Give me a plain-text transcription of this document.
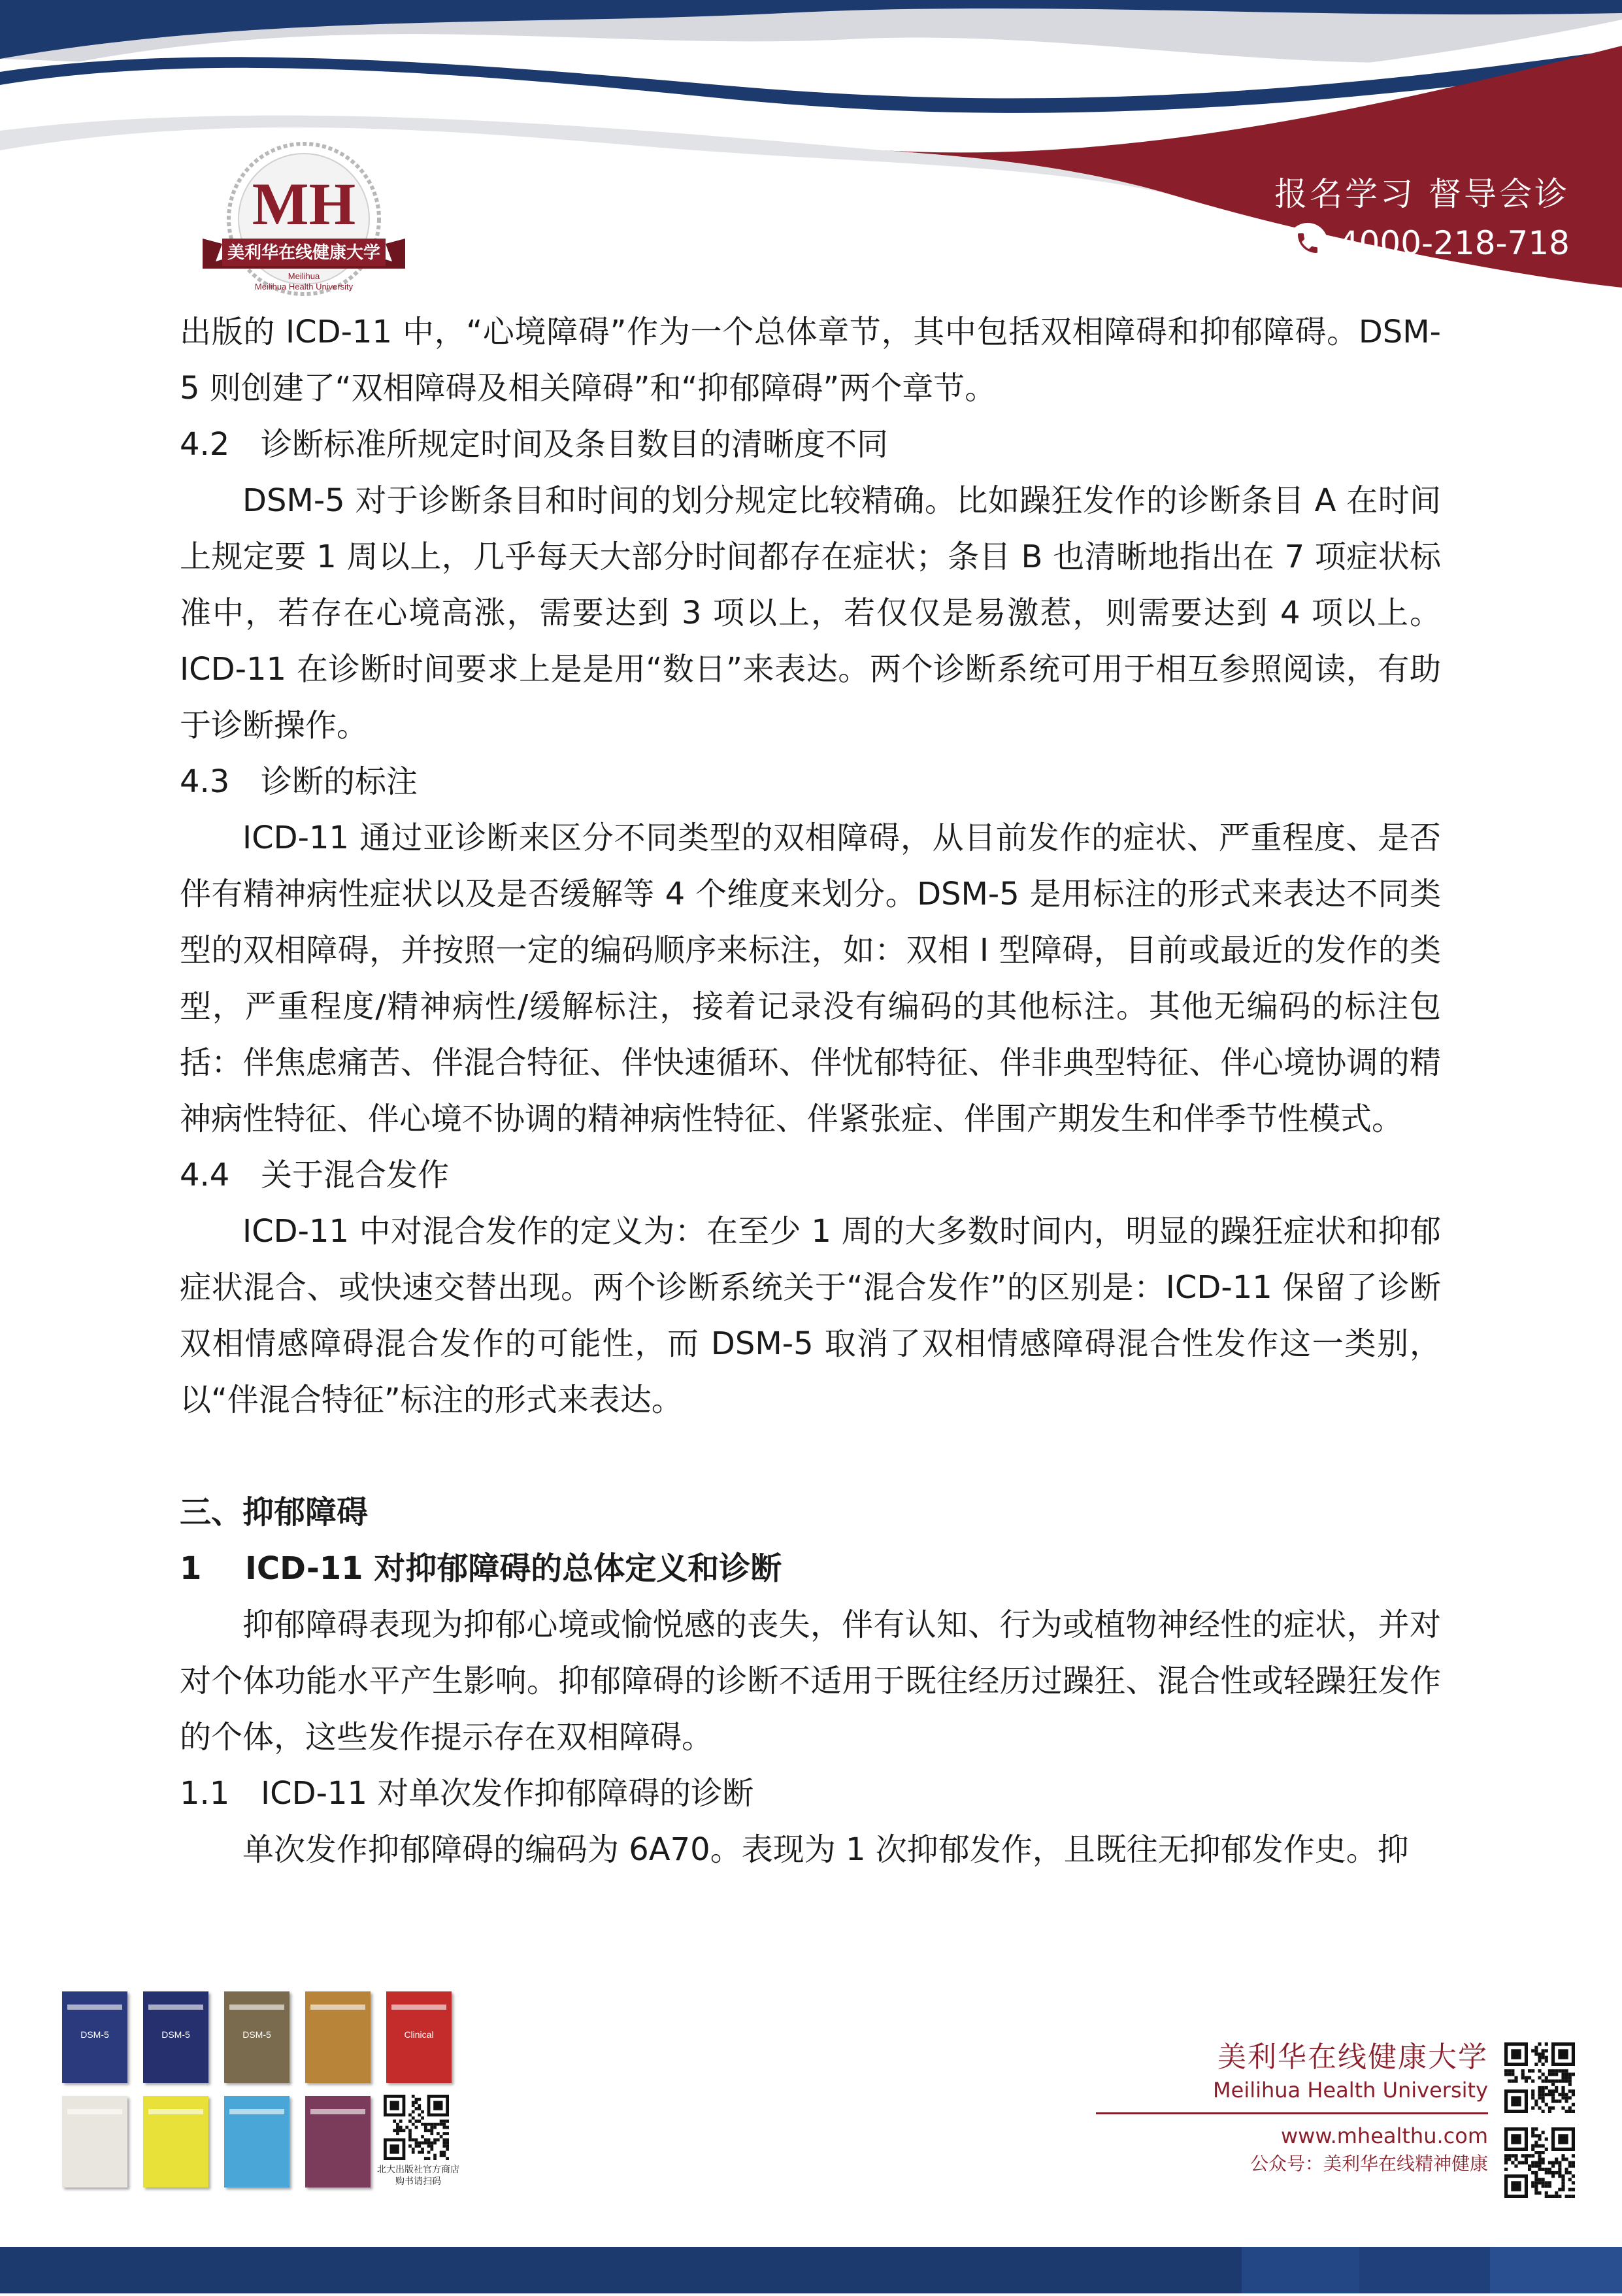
MH
美利华在线健康大学
Meilihua
Meilihua Health University
报名学习 督导会诊
4000-218-718

出版的 ICD-11 中，“心境障碍”作为一个总体章节，其中包括双相障碍和抑郁障碍。DSM-5 则创建了“双相障碍及相关障碍”和“抑郁障碍”两个章节。

4.2 诊断标准所规定时间及条目数目的清晰度不同

DSM-5 对于诊断条目和时间的划分规定比较精确。比如躁狂发作的诊断条目 A 在时间上规定要 1 周以上，几乎每天大部分时间都存在症状；条目 B 也清晰地指出在 7 项症状标准中，若存在心境高涨，需要达到 3 项以上，若仅仅是易激惹，则需要达到 4 项以上。ICD-11 在诊断时间要求上是是用“数日”来表达。两个诊断系统可用于相互参照阅读，有助于诊断操作。

4.3 诊断的标注

ICD-11 通过亚诊断来区分不同类型的双相障碍，从目前发作的症状、严重程度、是否伴有精神病性症状以及是否缓解等 4 个维度来划分。DSM-5 是用标注的形式来表达不同类型的双相障碍，并按照一定的编码顺序来标注，如：双相 I 型障碍，目前或最近的发作的类型，严重程度/精神病性/缓解标注，接着记录没有编码的其他标注。其他无编码的标注包括：伴焦虑痛苦、伴混合特征、伴快速循环、伴忧郁特征、伴非典型特征、伴心境协调的精神病性特征、伴心境不协调的精神病性特征、伴紧张症、伴围产期发生和伴季节性模式。

4.4 关于混合发作

ICD-11 中对混合发作的定义为：在至少 1 周的大多数时间内，明显的躁狂症状和抑郁症状混合、或快速交替出现。两个诊断系统关于“混合发作”的区别是：ICD-11 保留了诊断双相情感障碍混合发作的可能性，而 DSM-5 取消了双相情感障碍混合性发作这一类别，以“伴混合特征”标注的形式来表达。

三、抑郁障碍

1 ICD-11 对抑郁障碍的总体定义和诊断

抑郁障碍表现为抑郁心境或愉悦感的丧失，伴有认知、行为或植物神经性的症状，并对对个体功能水平产生影响。抑郁障碍的诊断不适用于既往经历过躁狂、混合性或轻躁狂发作的个体，这些发作提示存在双相障碍。

1.1 ICD-11 对单次发作抑郁障碍的诊断

单次发作抑郁障碍的编码为 6A70。表现为 1 次抑郁发作，且既往无抑郁发作史。抑

DSM-5	DSM-5	DSM-5	Clinical
北大出版社官方商店 购书请扫码
美利华在线健康大学
Meilihua Health University
www.mhealthu.com
公众号：美利华在线精神健康
